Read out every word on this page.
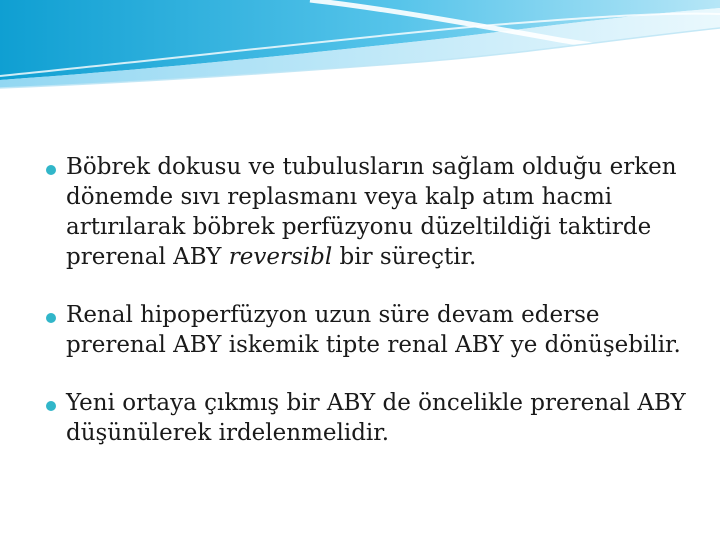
Böbrek dokusu ve tubulusların sağlam olduğu erken dönemde sıvı replasmanı veya kalp atım hacmi artırılarak böbrek perfüzyonu düzeltildiği taktirde prerenal ABY reversibl bir süreçtir.
Renal hipoperfüzyon uzun süre devam ederse prerenal ABY iskemik tipte renal ABY ye dönüşebilir.
Yeni ortaya çıkmış bir ABY de öncelikle prerenal ABY düşünülerek irdelenmelidir.
